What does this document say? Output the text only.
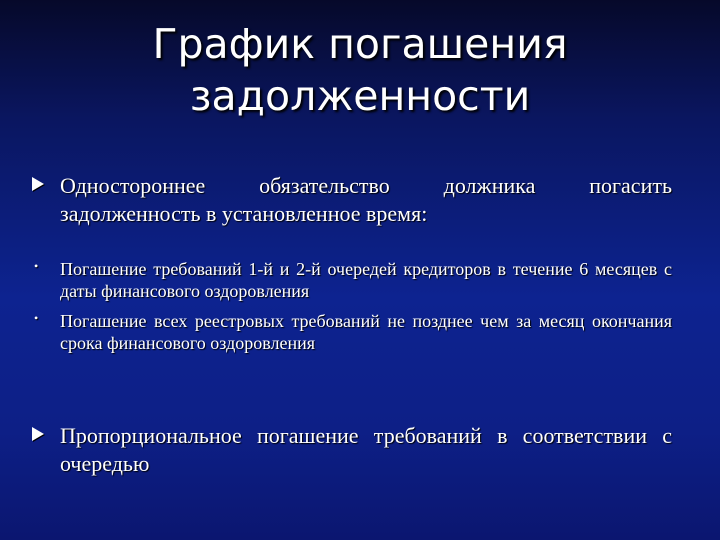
График погашения задолженности
Одностороннее обязательство должника погасить задолженность в установленное время:
• Погашение требований 1-й и 2-й очередей кредиторов в течение 6 месяцев с даты финансового оздоровления
• Погашение всех реестровых требований не позднее чем за месяц окончания срока финансового оздоровления
Пропорциональное погашение требований в соответствии с очередью
